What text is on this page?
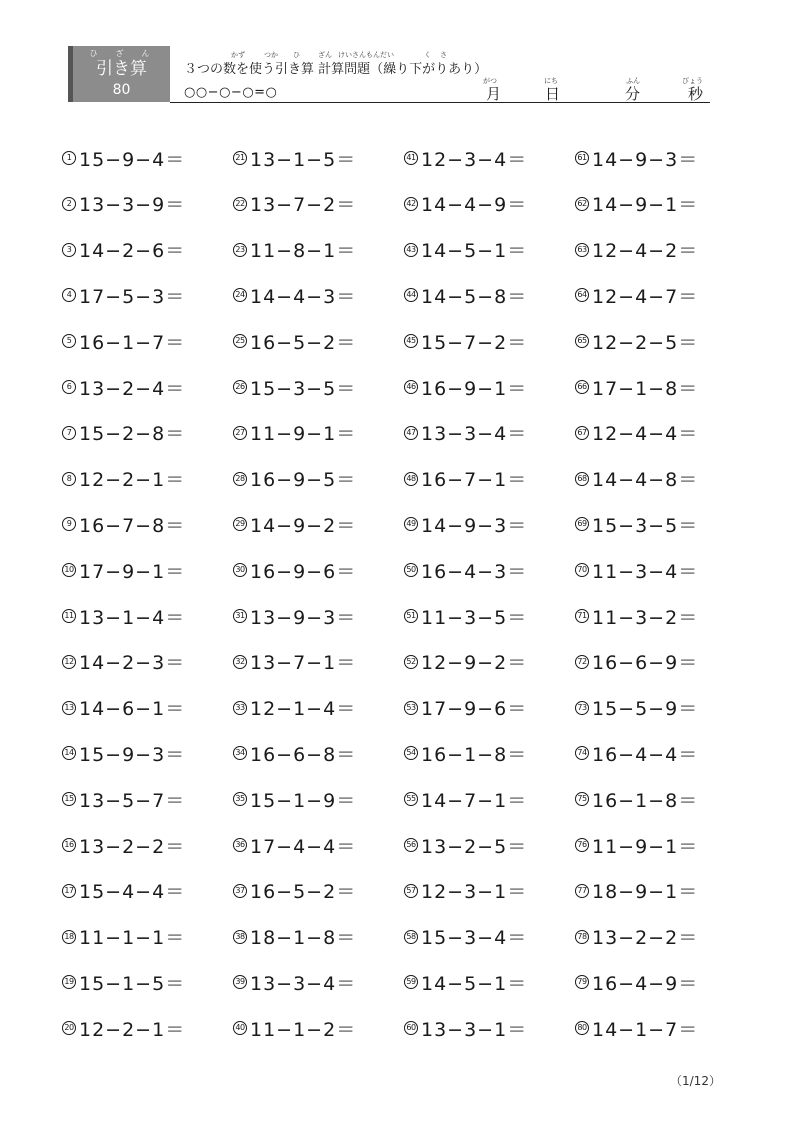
ひざん
引き算
80
かず	つか ひ	ざん けいさんもんだい	く さ
３つの数を使う引き算 計算問題（繰り下がりあり）
○○−○−○=○
がつ
月
にち
日
ふん
分
びょう
秒
1 15−9−4＝
2 13−3−9＝
3 14−2−6＝
4 17−5−3＝
5 16−1−7＝
6 13−2−4＝
7 15−2−8＝
8 12−2−1＝
9 16−7−8＝
10 17−9−1＝
11 13−1−4＝
12 14−2−3＝
13 14−6−1＝
14 15−9−3＝
15 13−5−7＝
16 13−2−2＝
17 15−4−4＝
18 11−1−1＝
19 15−1−5＝
20 12−2−1＝
21 13−1−5＝
22 13−7−2＝
23 11−8−1＝
24 14−4−3＝
25 16−5−2＝
26 15−3−5＝
27 11−9−1＝
28 16−9−5＝
29 14−9−2＝
30 16−9−6＝
31 13−9−3＝
32 13−7−1＝
33 12−1−4＝
34 16−6−8＝
35 15−1−9＝
36 17−4−4＝
37 16−5−2＝
38 18−1−8＝
39 13−3−4＝
40 11−1−2＝
41 12−3−4＝
42 14−4−9＝
43 14−5−1＝
44 14−5−8＝
45 15−7−2＝
46 16−9−1＝
47 13−3−4＝
48 16−7−1＝
49 14−9−3＝
50 16−4−3＝
51 11−3−5＝
52 12−9−2＝
53 17−9−6＝
54 16−1−8＝
55 14−7−1＝
56 13−2−5＝
57 12−3−1＝
58 15−3−4＝
59 14−5−1＝
60 13−3−1＝
61 14−9−3＝
62 14−9−1＝
63 12−4−2＝
64 12−4−7＝
65 12−2−5＝
66 17−1−8＝
67 12−4−4＝
68 14−4−8＝
69 15−3−5＝
70 11−3−4＝
71 11−3−2＝
72 16−6−9＝
73 15−5−9＝
74 16−4−4＝
75 16−1−8＝
76 11−9−1＝
77 18−9−1＝
78 13−2−2＝
79 16−4−9＝
80 14−1−7＝
（1/12）
